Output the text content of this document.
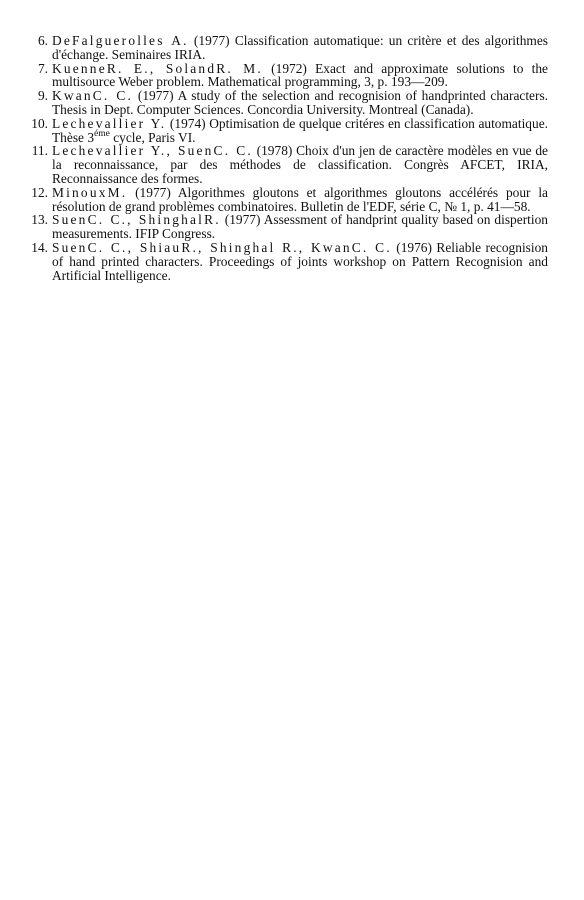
6 . DeFalguerolles A. (1977) Classification automatique: un critère et des algorithmes d'échange. Seminaires IRIA.
7 . KuenneR. E., SolandR. M. (1972) Exact and approximate solutions to the multisource Weber problem. Mathematical programming, 3, p. 193—209.
9 . KwanC. C. (1977) A study of the selection and recognision of handprinted characters. Thesis in Dept. Computer Sciences. Concordia University. Montreal (Canada).
10 . Lechevallier Y. (1974) Optimisation de quelque critéres en classification automatique. Thèse $3^{éme}$ cycle, Paris VI.
11 . Lechevallier Y., SuenC. C. (1978) Choix d'un jen de caractère modèles en vue de la reconnaissance, par des méthodes de classification. Congrès AFCET, IRIA, Reconnaissance des formes.
12 . MinouxM. (1977) Algorithmes gloutons et algorithmes gloutons accélérés pour la résolution de grand problèmes combinatoires. Bulletin de l'EDF, série C, № 1, p. 41—58.
13 . SuenC. C., ShinghalR. (1977) Assessment of handprint quality based on dispertion measurements. IFIP Congress.
14 . SuenC. C., ShiauR., Shinghal R., KwanC. C. (1976) Reliable recognision of hand printed characters. Proceedings of joints workshop on Pattern Recognision and Artificial Intelligence.
